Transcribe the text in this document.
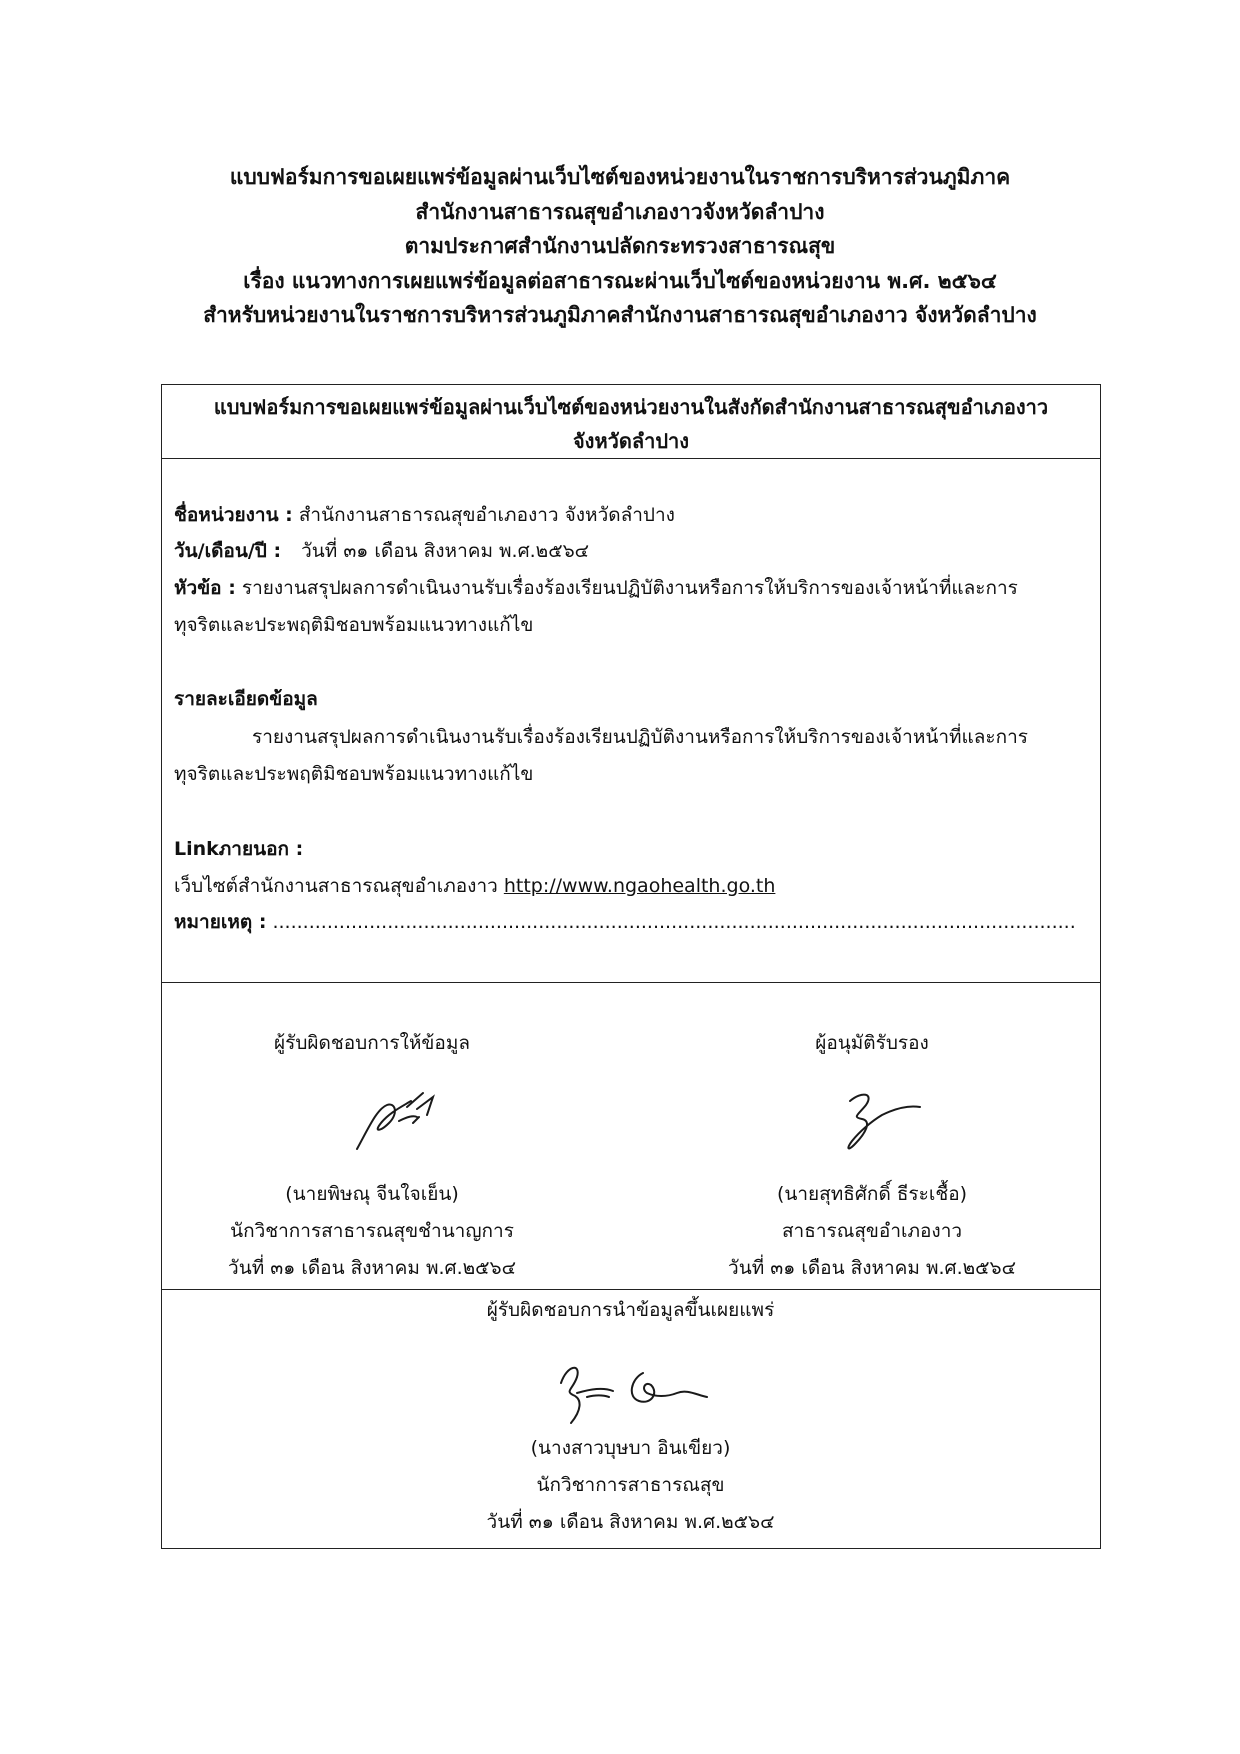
แบบฟอร์มการขอเผยแพร่ข้อมูลผ่านเว็บไซต์ของหน่วยงานในราชการบริหารส่วนภูมิภาค
สำนักงานสาธารณสุขอำเภองาวจังหวัดลำปาง
ตามประกาศสำนักงานปลัดกระทรวงสาธารณสุข
เรื่อง แนวทางการเผยแพร่ข้อมูลต่อสาธารณะผ่านเว็บไซต์ของหน่วยงาน พ.ศ. ๒๕๖๔
สำหรับหน่วยงานในราชการบริหารส่วนภูมิภาคสำนักงานสาธารณสุขอำเภองาว จังหวัดลำปาง
แบบฟอร์มการขอเผยแพร่ข้อมูลผ่านเว็บไซต์ของหน่วยงานในสังกัดสำนักงานสาธารณสุขอำเภองาว
จังหวัดลำปาง
ชื่อหน่วยงาน : สำนักงานสาธารณสุขอำเภองาว จังหวัดลำปาง
วัน/เดือน/ปี : วันที่ ๓๑ เดือน สิงหาคม พ.ศ.๒๕๖๔
หัวข้อ : รายงานสรุปผลการดำเนินงานรับเรื่องร้องเรียนปฏิบัติงานหรือการให้บริการของเจ้าหน้าที่และการ
ทุจริตและประพฤติมิชอบพร้อมแนวทางแก้ไข
รายละเอียดข้อมูล
รายงานสรุปผลการดำเนินงานรับเรื่องร้องเรียนปฏิบัติงานหรือการให้บริการของเจ้าหน้าที่และการ
ทุจริตและประพฤติมิชอบพร้อมแนวทางแก้ไข
Linkภายนอก :
เว็บไซต์สำนักงานสาธารณสุขอำเภองาว http://www.ngaohealth.go.th
หมายเหตุ : .....................................................................................................................................
ผู้รับผิดชอบการให้ข้อมูล
(นายพิษณุ จีนใจเย็น)
นักวิชาการสาธารณสุขชำนาญการ
วันที่ ๓๑ เดือน สิงหาคม พ.ศ.๒๕๖๔
ผู้อนุมัติรับรอง
(นายสุทธิศักดิ์ ธีระเชื้อ)
สาธารณสุขอำเภองาว
วันที่ ๓๑ เดือน สิงหาคม พ.ศ.๒๕๖๔
ผู้รับผิดชอบการนำข้อมูลขึ้นเผยแพร่
(นางสาวบุษบา อินเขียว)
นักวิชาการสาธารณสุข
วันที่ ๓๑ เดือน สิงหาคม พ.ศ.๒๕๖๔
